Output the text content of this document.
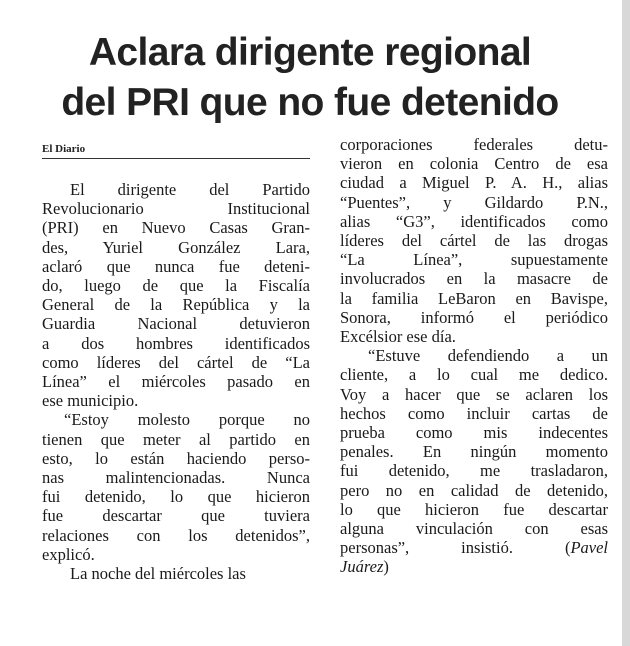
Aclara dirigente regional
del PRI que no fue detenido
El Diario
El dirigente del Partido
Revolucionario Institucional
(PRI) en Nuevo Casas Gran-
des, Yuriel González Lara,
aclaró que nunca fue deteni-
do, luego de que la Fiscalía
General de la República y la
Guardia Nacional detuvieron
a dos hombres identificados
como líderes del cártel de “La
Línea” el miércoles pasado en
ese municipio.
“Estoy molesto porque no
tienen que meter al partido en
esto, lo están haciendo perso-
nas malintencionadas. Nunca
fui detenido, lo que hicieron
fue descartar que tuviera
relaciones con los detenidos”,
explicó.
La noche del miércoles las
corporaciones federales detu-
vieron en colonia Centro de esa
ciudad a Miguel P. A. H., alias
“Puentes”, y Gildardo P.N.,
alias “G3”, identificados como
líderes del cártel de las drogas
“La Línea”, supuestamente
involucrados en la masacre de
la familia LeBaron en Bavispe,
Sonora, informó el periódico
Excélsior ese día.
“Estuve defendiendo a un
cliente, a lo cual me dedico.
Voy a hacer que se aclaren los
hechos como incluir cartas de
prueba como mis indecentes
penales. En ningún momento
fui detenido, me trasladaron,
pero no en calidad de detenido,
lo que hicieron fue descartar
alguna vinculación con esas
personas”, insistió. (Pavel
Juárez)
